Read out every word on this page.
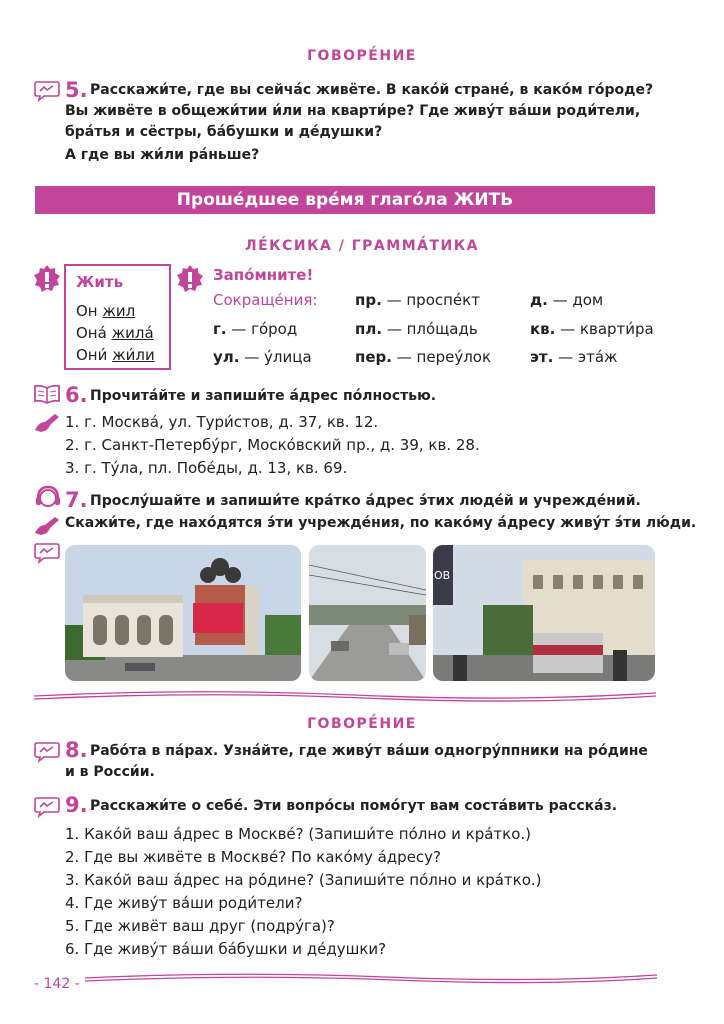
ГОВОРЕ́НИЕ
5. Расскажи́те, где вы сейча́с живёте. В како́й стране́, в како́м го́роде?
Вы живёте в общежи́тии и́ли на кварти́ре? Где живу́т ва́ши роди́тели,
бра́тья и сёстры, ба́бушки и де́душки?
А где вы жи́ли ра́ньше?
Проше́дшее вре́мя глаго́ла ЖИТЬ
ЛЕ́КСИКА / ГРАММА́ТИКА
Жить
Он жил
Она́ жила́
Они́ жи́ли
Запо́мните!
Сокраще́ния:	пр. — проспе́кт	д. — дом
г. — го́род	пл. — пло́щадь	кв. — кварти́ра
ул. — у́лица	пер. — переу́лок	эт. — эта́ж
6. Прочита́йте и запиши́те а́дрес по́лностью.
1. г. Москва́, ул. Тури́стов, д. 37, кв. 12.
2. г. Санкт-Петербу́рг, Моско́вский пр., д. 39, кв. 28.
3. г. Ту́ла, пл. Побе́ды, д. 13, кв. 69.
7. Прослу́шайте и запиши́те кра́тко а́дрес э́тих люде́й и учрежде́ний.
Скажи́те, где нахо́дятся э́ти учрежде́ния, по како́му а́дресу живу́т э́ти лю́ди.
ОВ
ГОВОРЕ́НИЕ
8. Рабо́та в па́рах. Узна́йте, где живу́т ва́ши одногру́ппники на ро́дине
и в Росси́и.
9. Расскажи́те о себе́. Эти вопро́сы помо́гут вам соста́вить расска́з.
1. Како́й ваш а́дрес в Москве́? (Запиши́те по́лно и кра́тко.)
2. Где вы живёте в Москве́? По како́му а́дресу?
3. Како́й ваш а́дрес на ро́дине? (Запиши́те по́лно и кра́тко.)
4. Где живу́т ва́ши роди́тели?
5. Где живёт ваш друг (подру́га)?
6. Где живу́т ва́ши ба́бушки и де́душки?
- 142 -
